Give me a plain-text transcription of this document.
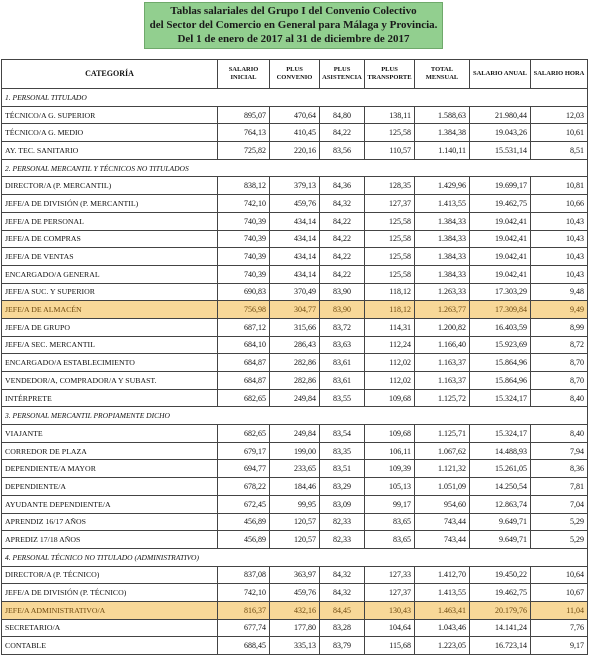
Tablas salariales del Grupo I del Convenio Colectivo
del Sector del Comercio en General para Málaga y Provincia.
Del 1 de enero de 2017 al 31 de diciembre de 2017
CATEGORÍA	SALARIO INICIAL	PLUS CONVENIO	PLUS ASISTENCIA	PLUS TRANSPORTE	TOTAL MENSUAL	SALARIO ANUAL	SALARIO HORA
1. PERSONAL TITULADO							
TÉCNICO/A G. SUPERIOR	895,07	470,64	84,80	138,11	1.588,63	21.980,44	12,03
TÉCNICO/A G. MEDIO	764,13	410,45	84,22	125,58	1.384,38	19.043,26	10,61
AY. TEC. SANITARIO	725,82	220,16	83,56	110,57	1.140,11	15.531,14	8,51
2. PERSONAL MERCANTIL Y TÉCNICOS NO TITULADOS							
DIRECTOR/A (P. MERCANTIL)	838,12	379,13	84,36	128,35	1.429,96	19.699,17	10,81
JEFE/A DE DIVISIÓN (P. MERCANTIL)	742,10	459,76	84,32	127,37	1.413,55	19.462,75	10,66
JEFE/A DE PERSONAL	740,39	434,14	84,22	125,58	1.384,33	19.042,41	10,43
JEFE/A DE COMPRAS	740,39	434,14	84,22	125,58	1.384,33	19.042,41	10,43
JEFE/A DE VENTAS	740,39	434,14	84,22	125,58	1.384,33	19.042,41	10,43
ENCARGADO/A GENERAL	740,39	434,14	84,22	125,58	1.384,33	19.042,41	10,43
JEFE/A SUC. Y SUPERIOR	690,83	370,49	83,90	118,12	1.263,33	17.303,29	9,48
JEFE/A DE ALMACÉN	756,98	304,77	83,90	118,12	1.263,77	17.309,84	9,49
JEFE/A DE GRUPO	687,12	315,66	83,72	114,31	1.200,82	16.403,59	8,99
JEFE/A SEC. MERCANTIL	684,10	286,43	83,63	112,24	1.166,40	15.923,69	8,72
ENCARGADO/A ESTABLECIMIENTO	684,87	282,86	83,61	112,02	1.163,37	15.864,96	8,70
VENDEDOR/A, COMPRADOR/A Y SUBAST.	684,87	282,86	83,61	112,02	1.163,37	15.864,96	8,70
INTÉRPRETE	682,65	249,84	83,55	109,68	1.125,72	15.324,17	8,40
3. PERSONAL MERCANTIL PROPIAMENTE DICHO							
VIAJANTE	682,65	249,84	83,54	109,68	1.125,71	15.324,17	8,40
CORREDOR DE PLAZA	679,17	199,00	83,35	106,11	1.067,62	14.488,93	7,94
DEPENDIENTE/A MAYOR	694,77	233,65	83,51	109,39	1.121,32	15.261,05	8,36
DEPENDIENTE/A	678,22	184,46	83,29	105,13	1.051,09	14.250,54	7,81
AYUDANTE DEPENDIENTE/A	672,45	99,95	83,09	99,17	954,60	12.863,74	7,04
APRENDIZ 16/17 AÑOS	456,89	120,57	82,33	83,65	743,44	9.649,71	5,29
APREDIZ 17/18 AÑOS	456,89	120,57	82,33	83,65	743,44	9.649,71	5,29
4. PERSONAL TÉCNICO NO TITULADO (ADMINISTRATIVO)							
DIRECTOR/A (P. TÉCNICO)	837,08	363,97	84,32	127,33	1.412,70	19.450,22	10,64
JEFE/A DE DIVISIÓN (P. TÉCNICO)	742,10	459,76	84,32	127,37	1.413,55	19.462,75	10,67
JEFE/A ADMINISTRATIVO/A	816,37	432,16	84,45	130,43	1.463,41	20.179,76	11,04
SECRETARIO/A	677,74	177,80	83,28	104,64	1.043,46	14.141,24	7,76
CONTABLE	688,45	335,13	83,79	115,68	1.223,05	16.723,14	9,17
